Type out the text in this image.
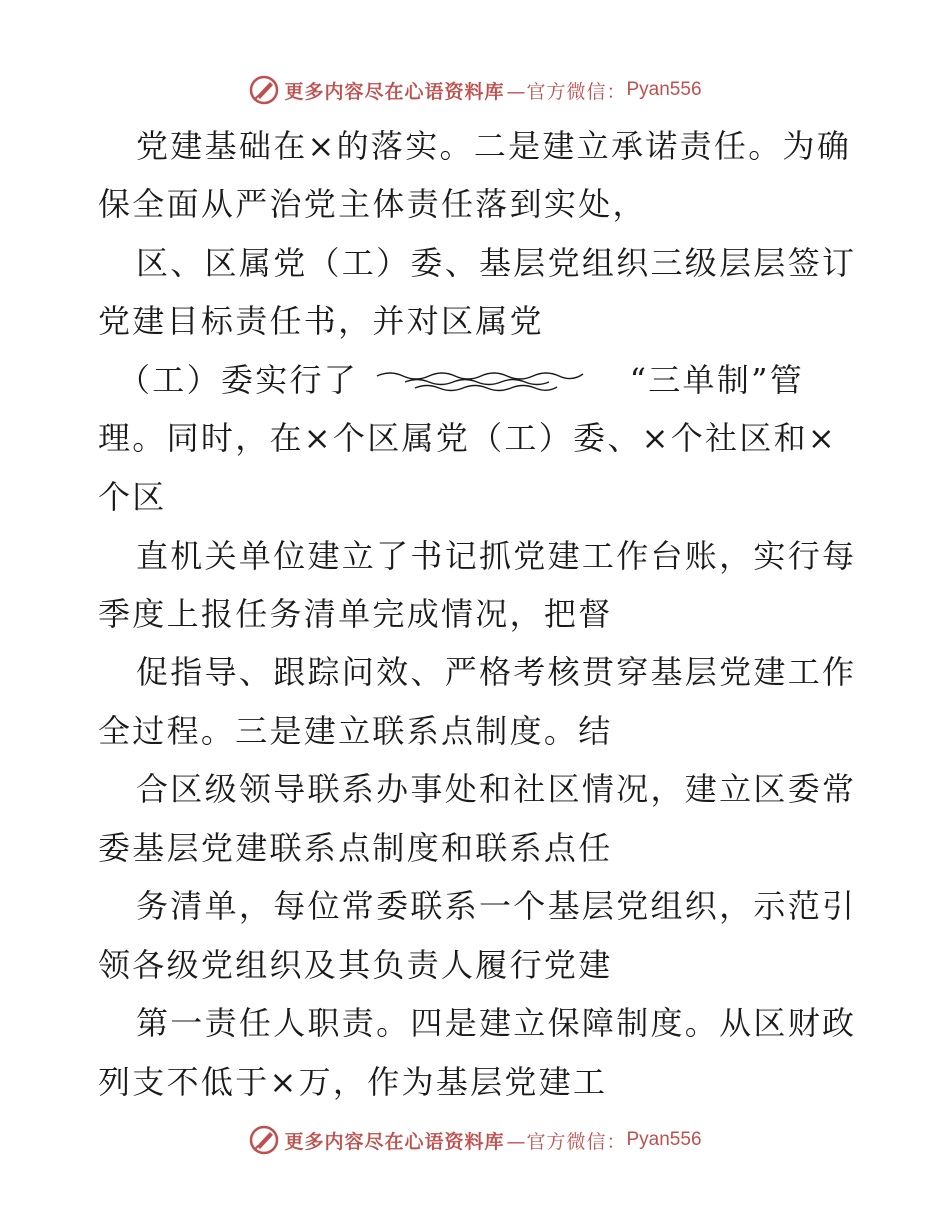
更多内容尽在心语资料库 —官方微信： Pyan556
党建基础在×的落实。二是建立承诺责任。为确
保全面从严治党主体责任落到实处，
区、区属党（工）委、基层党组织三级层层签订
党建目标责任书，并对区属党
（工）委实行了	“三单制”管
理。同时，在×个区属党（工）委、×个社区和×
个区
直机关单位建立了书记抓党建工作台账，实行每
季度上报任务清单完成情况，把督
促指导、跟踪问效、严格考核贯穿基层党建工作
全过程。三是建立联系点制度。结
合区级领导联系办事处和社区情况，建立区委常
委基层党建联系点制度和联系点任
务清单，每位常委联系一个基层党组织，示范引
领各级党组织及其负责人履行党建
第一责任人职责。四是建立保障制度。从区财政
列支不低于×万，作为基层党建工
更多内容尽在心语资料库 —官方微信： Pyan556
